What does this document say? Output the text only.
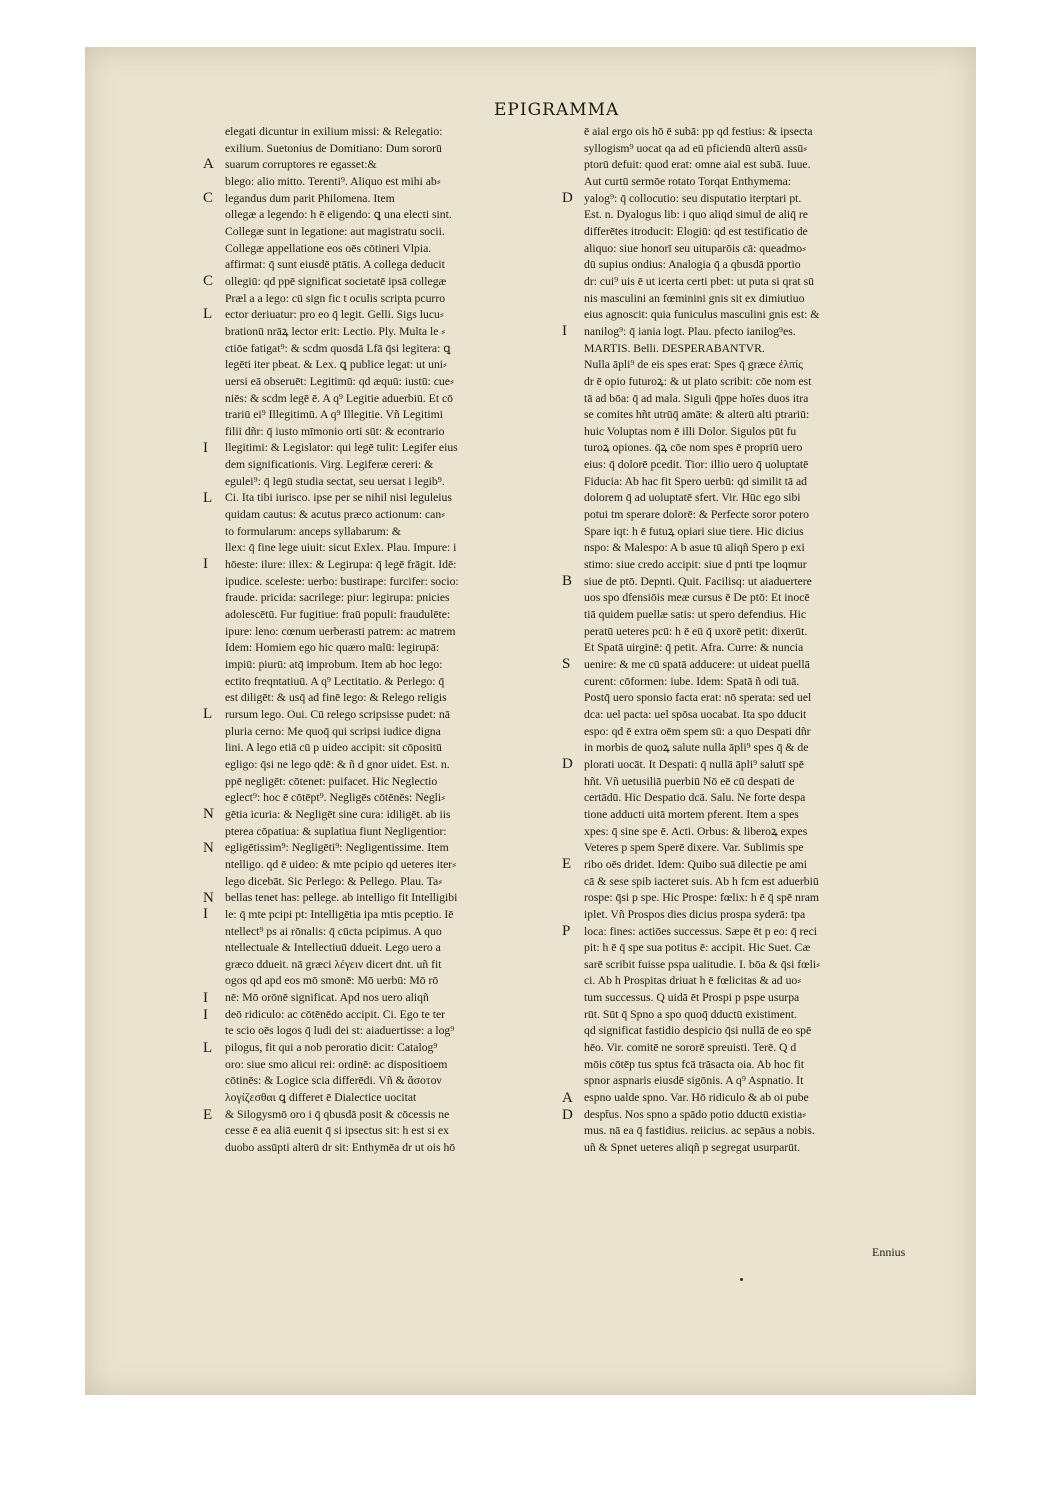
EPIGRAMMA
elegati dicuntur in exilium missi: & Relegatio:
exilium. Suetonius de Domitiano: Dum sororū
suarum corruptores re egasset:&
blego: alio mitto. Terenti⁹. Aliquo est mihi ab⸗
legandus dum parit Philomena. Item
ollegæ a legendo: h ē eligendo: ꝗ una electi sint.
Collegæ sunt in legatione: aut magistratu socii.
Collegæ appellatione eos oēs cōtineri Vlpia.
affirmat: q̄ sunt eiusdē ptātis. A collega deducit
ollegiū: qd ppē significat societatē ipsā collegæ
Præl a a lego: cū sign fic t oculis scripta pcurro
ector deriuatur: pro eo q̄ legit. Gelli. Sigs lucu⸗
brationū nrāꝝ lector erit: Lectio. Ply. Multa le ⸗
ctiōe fatigat⁹: & scdm quosdā Lfā q̄si legitera: ꝗ
legēti iter pbeat. & Lex. ꝗ publice legat: ut uni⸗
uersi eā obseruēt: Legitimū: qd æquū: iustū: cue⸗
niēs: & scdm legē ē. A q⁹ Legitie aduerbiū. Et cō
trariū ei⁹ Illegitimū. A q⁹ Illegitie. Vñ Legitimi
filii dñr: q̄ iusto mīmonio orti sūt: & econtrario
llegitimi: & Legislator: qui legē tulit: Legifer eius
dem significationis. Virg. Legiferæ cereri: &
egulei⁹: q̄ legū studia sectat, seu uersat i legib⁹.
Ci. Ita tibi iurisco. ipse per se nihil nisi leguleius
quidam cautus: & acutus præco actionum: can⸗
to formularum: anceps syllabarum: &
llex: q̄ fine lege uiuit: sicut Exlex. Plau. Impure: i
hōeste: ilure: illex: & Legirupa: q̄ legē frāgit. Idē:
ipudice. sceleste: uerbo: bustirape: furcifer: socio:
fraude. pricida: sacrilege: piur: legirupa: pnicies
adolescētū. Fur fugitiue: fraū populi: fraudulēte:
ipure: leno: cœnum uerberasti patrem: ac matrem
Idem: Homiem ego hic quæro malū: legirupā:
impiū: piurū: atq̄ improbum. Item ab hoc lego:
ectito freqntatiuū. A q⁹ Lectitatio. & Perlego: q̄
est diligēt: & usq̄ ad finē lego: & Relego religis
rursum lego. Oui. Cū relego scripsisse pudet: nā
pluria cerno: Me quoq̄ qui scripsi iudice digna
lini. A lego etiā cū p uideo accipit: sit cōpositū
egligo: q̄si ne lego qdē: & ñ d gnor uidet. Est. n.
ppē negligēt: cōtenet: puifacet. Hic Neglectio
eglect⁹: hoc ē cōtēpt⁹. Negligēs cōtēnēs: Negli⸗
gētia icuria: & Negligēt sine cura: idiligēt. ab iis
pterea cōpatiua: & suplatiua fiunt Negligentior:
egligētissim⁹: Negligēti⁹: Negligentissime. Item
ntelligo. qd ē uideo: & mte pcipio qd ueteres iter⸗
lego dicebāt. Sic Perlego: & Pellego. Plau. Ta⸗
bellas tenet has: pellege. ab intelligo fit Intelligibi
le: q̄ mte pcipi pt: Intelligētia ipa mtis pceptio. Iē
ntellect⁹ ps ai rōnalis: q̄ cūcta pcipimus. A quo
ntellectuale & Intellectiuū ddueit. Lego uero a
græco ddueit. nā græci λέγειν dicert dnt. uñ fit
ogos qd apd eos mō smonē: Mō uerbū: Mō rō
nē: Mō orōnē significat. Apd nos uero aliqñ
deō ridiculo: ac cōtēnēdo accipit. Ci. Ego te ter
te scio oēs logos q̄ ludi dei st: aiaduertisse: a log⁹
pilogus, fit qui a nob peroratio dicit: Catalog⁹
oro: siue smo alicui rei: ordinē: ac dispositioem
cōtinēs: & Logice scia differēdi. Vñ & ἄσοτον
λογίζεσθαι ꝗ differet ē Dialectice uocitat
& Silogysmō oro i q̄ qbusdā posit & cōcessis ne
cesse ē ea aliā euenit q̄ si ipsectus sit: h est si ex
duobo assūpti alterū dr sit: Enthymēa dr ut ois hō
ē aial ergo ois hō ē subā: pp qd festius: & ipsecta
syllogism⁹ uocat qa ad eū pficiendū alterū assū⸗
ptorū defuit: quod erat: omne aial est subā. Iuue.
Aut curtū sermōe rotato Torqat Enthymema:
yalog⁹: q̄ collocutio: seu disputatio iterptari pt.
Est. n. Dyalogus lib: i quo aliqd simul de aliq̄ re
differētes itroducit: Elogiū: qd est testificatio de
aliquo: siue honorī seu uituparōis cā: queadmo⸗
dū supius ondius: Analogia q̄ a qbusdā pportio
dr: cui⁹ uis ē ut icerta certi pbet: ut puta si qrat sū
nis masculini an fœminini gnis sit ex dimiutiuo
eius agnoscit: quia funiculus masculini gnis est: &
nanilog⁹: q̄ iania logt. Plau. pfecto ianilog⁹es.
MARTIS. Belli. DESPERABANTVR.
Nulla āpli⁹ de eis spes erat: Spes q̄ græce ἐλπίς
dr ē opio futuroꝝ: & ut plato scribit: cōe nom est
tā ad bōa: q̄ ad mala. Siguli q̄ppe hoīes duos itra
se comites hñt utrūq̄ amāte: & alterū alti ptrariū:
huic Voluptas nom ē illi Dolor. Sigulos pūt fu
turoꝝ opiones. q̄ꝝ cōe nom spes ē propriū uero
eius: q̄ dolorē pcedit. Tior: illio uero q̄ uoluptatē
Fiducia: Ab hac fit Spero uerbū: qd similit tā ad
dolorem q̄ ad uoluptatē sfert. Vir. Hūc ego sibi
potui tm sperare dolorē: & Perfecte soror potero
Spare iqt: h ē futuꝝ opiari siue tiere. Hic dicius
nspo: & Malespo: A b asue tū aliqñ Spero p exi
stimo: siue credo accipit: siue d pnti tpe loqmur
siue de ptō. Depnti. Quit. Facilisq: ut aiaduertere
uos spo dfensiōis meæ cursus ē De ptō: Et inocē
tiā quidem puellæ satis: ut spero defendius. Hic
peratū ueteres pcū: h ē eū q̄ uxorē petit: dixerūt.
Et Spatā uirginē: q̄ petit. Afra. Curre: & nuncia
uenire: & me cū spatā adducere: ut uideat puellā
curent: cōformen: iube. Idem: Spatā ñ odi tuā.
Postq̄ uero sponsio facta erat: nō sperata: sed uel
dca: uel pacta: uel spōsa uocabat. Ita spo dducit
espo: qd ē extra oēm spem sū: a quo Despati dñr
in morbis de quoꝝ salute nulla āpli⁹ spes q̄ & de
plorati uocāt. It Despati: q̄ nullā āpli⁹ salutī spē
hñt. Vñ uetusiliā puerbiū Nō eē cū despati de
certādū. Hic Despatio dcā. Salu. Ne forte despa
tione adducti uitā mortem pferent. Item a spes
xpes: q̄ sine spe ē. Acti. Orbus: & liberoꝝ expes
Veteres p spem Sperē dixere. Var. Sublimis spe
ribo oēs dridet. Idem: Quibo suā dilectie pe ami
cā & sese spib iacteret suis. Ab h fcm est aduerbiū
rospe: q̄si p spe. Hic Prospe: fœlix: h ē q̄ spē nram
iplet. Vñ Prospos dies dicius prospa syderā: tpa
loca: fines: actiōes successus. Sæpe ēt p eo: q̄ reci
pit: h ē q̄ spe sua potitus ē: accipit. Hic Suet. Cæ
sarē scribit fuisse pspa ualitudie. I. bōa & q̄si fœli⸗
ci. Ab h Prospitas driuat h ē fœlicitas & ad uo⸗
tum successus. Q uidā ēt Prospi p pspe usurpa
rūt. Sūt q̄ Spno a spo quoq̄ dductū existiment.
qd significat fastidio despicio q̄si nullā de eo spē
hēo. Vir. comitē ne sororē spreuisti. Terē. Q d
mōis cōtēp tus sptus fcā trāsacta oia. Ab hoc fit
spnor aspnaris eiusdē sigōnis. A q⁹ Aspnatio. It
espno ualde spno. Var. Hō ridiculo & ab oi pube
despt̄us. Nos spno a spādo potio dductū existia⸗
mus. nā ea q̄ fastidius. reiicius. ac sepāus a nobis.
uñ & Spnet ueteres aliqñ p segregat usurparūt.
A
C
C
L
I
L
I
L
N
N
N
I
I
I
L
E
D
I
B
S
D
E
P
A
D
Ennius
